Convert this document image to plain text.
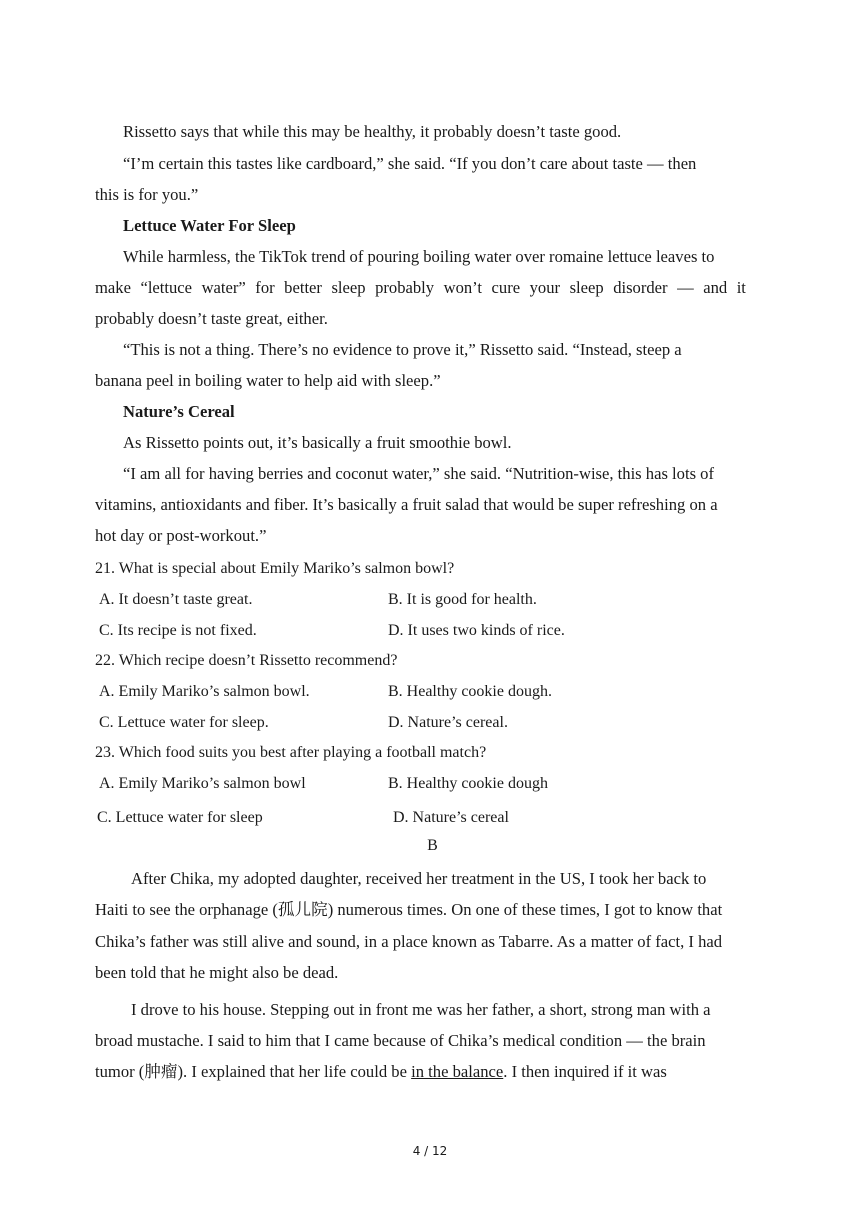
Rissetto says that while this may be healthy, it probably doesn’t taste good.
“I’m certain this tastes like cardboard,” she said. “If you don’t care about taste — then
this is for you.”
Lettuce Water For Sleep
While harmless, the TikTok trend of pouring boiling water over romaine lettuce leaves to
make “lettuce water” for better sleep probably won’t cure your sleep disorder — and it
probably doesn’t taste great, either.
“This is not a thing. There’s no evidence to prove it,” Rissetto said. “Instead, steep a
banana peel in boiling water to help aid with sleep.”
Nature’s Cereal
As Rissetto points out, it’s basically a fruit smoothie bowl.
“I am all for having berries and coconut water,” she said. “Nutrition-wise, this has lots of
vitamins, antioxidants and fiber. It’s basically a fruit salad that would be super refreshing on a
hot day or post-workout.”
21. What is special about Emily Mariko’s salmon bowl?
A. It doesn’t taste great.	B. It is good for health.
C. Its recipe is not fixed.	D. It uses two kinds of rice.
22. Which recipe doesn’t Rissetto recommend?
A. Emily Mariko’s salmon bowl.	B. Healthy cookie dough.
C. Lettuce water for sleep.	D. Nature’s cereal.
23. Which food suits you best after playing a football match?
A. Emily Mariko’s salmon bowl	B. Healthy cookie dough
C. Lettuce water for sleep	D. Nature’s cereal
B
After Chika, my adopted daughter, received her treatment in the US, I took her back to
Haiti to see the orphanage (孤儿院) numerous times. On one of these times, I got to know that
Chika’s father was still alive and sound, in a place known as Tabarre. As a matter of fact, I had
been told that he might also be dead.
I drove to his house. Stepping out in front me was her father, a short, strong man with a
broad mustache. I said to him that I came because of Chika’s medical condition — the brain
tumor (肿瘤). I explained that her life could be in the balance. I then inquired if it was
4 / 12
